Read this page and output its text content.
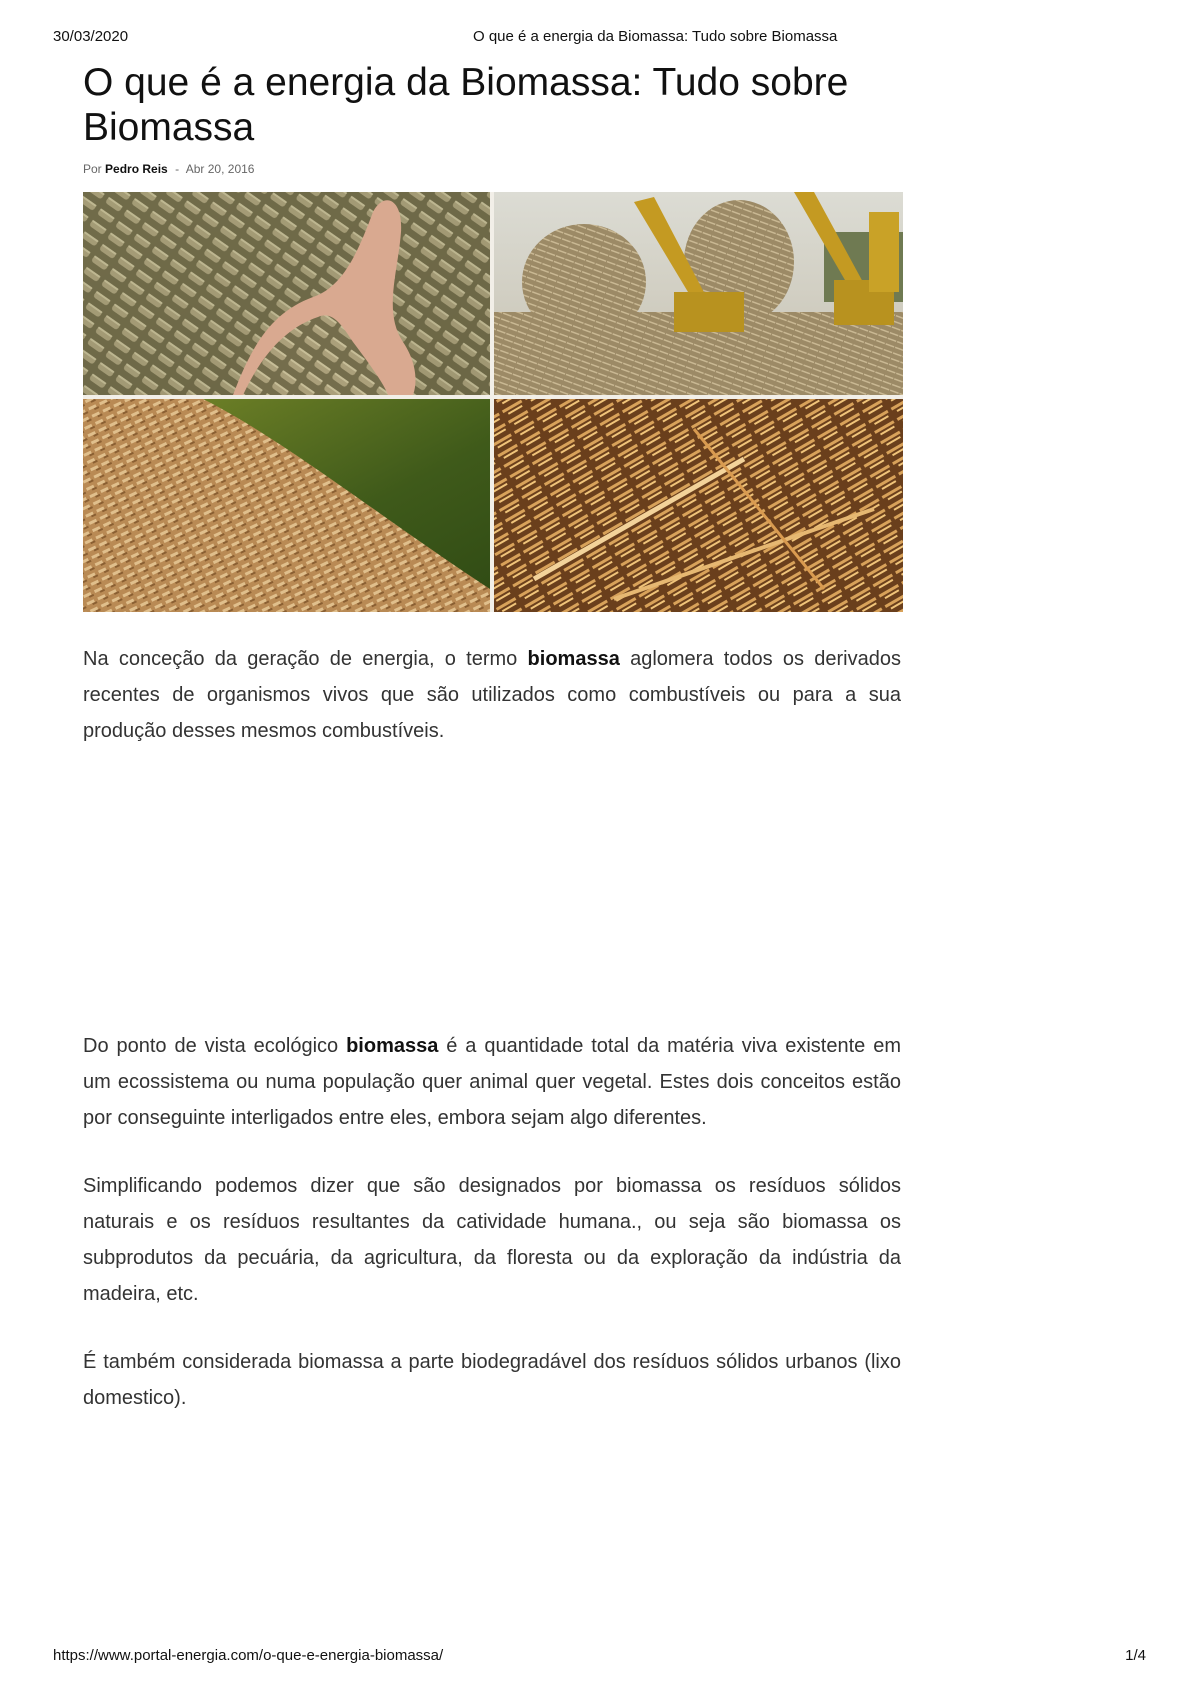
30/03/2020	O que é a energia da Biomassa: Tudo sobre Biomassa
O que é a energia da Biomassa: Tudo sobre Biomassa
Por Pedro Reis - Abr 20, 2016

Na conceção da geração de energia, o termo biomassa aglomera todos os derivados recentes de organismos vivos que são utilizados como combustíveis ou para a sua produção desses mesmos combustíveis.

Do ponto de vista ecológico biomassa é a quantidade total da matéria viva existente em um ecossistema ou numa população quer animal quer vegetal. Estes dois conceitos estão por conseguinte interligados entre eles, embora sejam algo diferentes.

Simplificando podemos dizer que são designados por biomassa os resíduos sólidos naturais e os resíduos resultantes da catividade humana., ou seja são biomassa os subprodutos da pecuária, da agricultura, da floresta ou da exploração da indústria da madeira, etc.

É também considerada biomassa a parte biodegradável dos resíduos sólidos urbanos (lixo domestico).

https://www.portal-energia.com/o-que-e-energia-biomassa/	1/4
